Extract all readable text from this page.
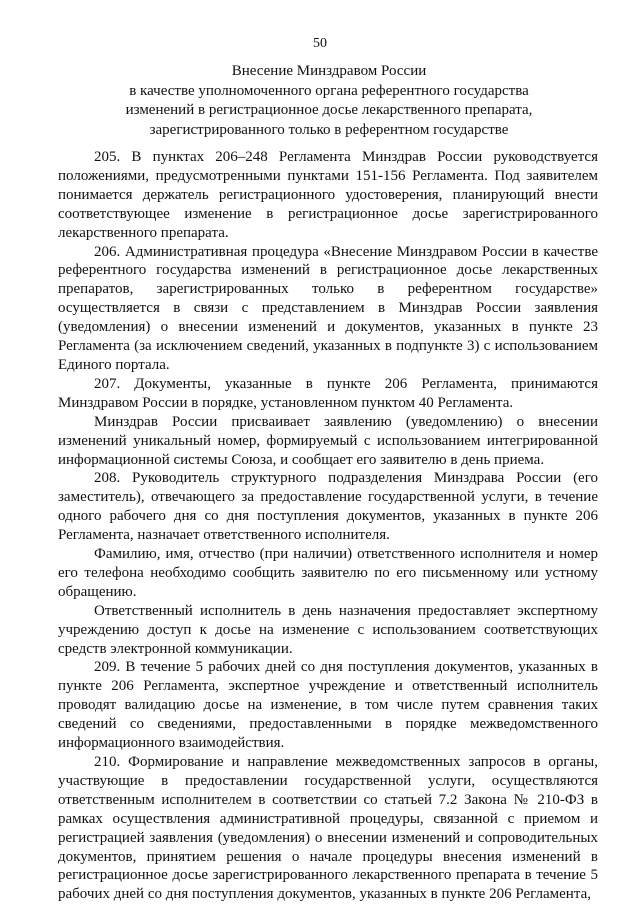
50
Внесение Минздравом России
в качестве уполномоченного органа референтного государства
изменений в регистрационное досье лекарственного препарата,
зарегистрированного только в референтном государстве

205. В пунктах 206–248 Регламента Минздрав России руководствуется положениями, предусмотренными пунктами 151-156 Регламента. Под заявителем понимается держатель регистрационного удостоверения, планирующий внести соответствующее изменение в регистрационное досье зарегистрированного лекарственного препарата.

206. Административная процедура «Внесение Минздравом России в качестве референтного государства изменений в регистрационное досье лекарственных препаратов, зарегистрированных только в референтном государстве» осуществляется в связи с представлением в Минздрав России заявления (уведомления) о внесении изменений и документов, указанных в пункте 23 Регламента (за исключением сведений, указанных в подпункте 3) с использованием Единого портала.

207. Документы, указанные в пункте 206 Регламента, принимаются Минздравом России в порядке, установленном пунктом 40 Регламента.

Минздрав России присваивает заявлению (уведомлению) о внесении изменений уникальный номер, формируемый с использованием интегрированной информационной системы Союза, и сообщает его заявителю в день приема.

208. Руководитель структурного подразделения Минздрава России (его заместитель), отвечающего за предоставление государственной услуги, в течение одного рабочего дня со дня поступления документов, указанных в пункте 206 Регламента, назначает ответственного исполнителя.

Фамилию, имя, отчество (при наличии) ответственного исполнителя и номер его телефона необходимо сообщить заявителю по его письменному или устному обращению.

Ответственный исполнитель в день назначения предоставляет экспертному учреждению доступ к досье на изменение с использованием соответствующих средств электронной коммуникации.

209. В течение 5 рабочих дней со дня поступления документов, указанных в пункте 206 Регламента, экспертное учреждение и ответственный исполнитель проводят валидацию досье на изменение, в том числе путем сравнения таких сведений со сведениями, предоставленными в порядке межведомственного информационного взаимодействия.

210. Формирование и направление межведомственных запросов в органы, участвующие в предоставлении государственной услуги, осуществляются ответственным исполнителем в соответствии со статьей 7.2 Закона № 210-ФЗ в рамках осуществления административной процедуры, связанной с приемом и регистрацией заявления (уведомления) о внесении изменений и сопроводительных документов, принятием решения о начале процедуры внесения изменений в регистрационное досье зарегистрированного лекарственного препарата в течение 5 рабочих дней со дня поступления документов, указанных в пункте 206 Регламента,
